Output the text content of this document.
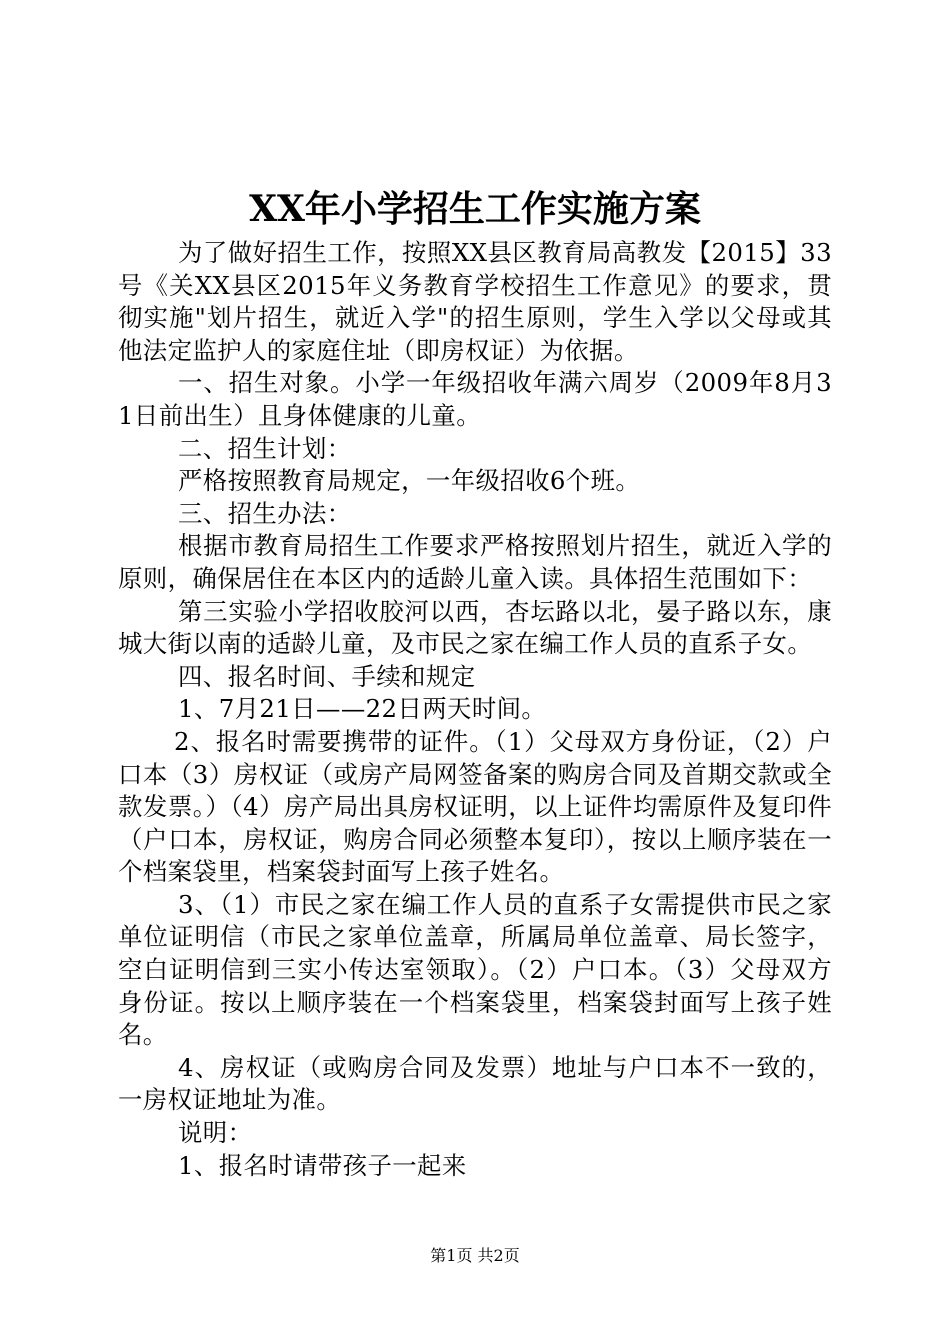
XX年小学招生工作实施方案

为了做好招生工作，按照XX县区教育局高教发【2015】33号《关XX县区2015年义务教育学校招生工作意见》的要求，贯彻实施"划片招生，就近入学"的招生原则，学生入学以父母或其他法定监护人的家庭住址（即房权证）为依据。

一、招生对象。小学一年级招收年满六周岁（2009年8月31日前出生）且身体健康的儿童。

二、招生计划：

严格按照教育局规定，一年级招收6个班。

三、招生办法：

根据市教育局招生工作要求严格按照划片招生，就近入学的原则，确保居住在本区内的适龄儿童入读。具体招生范围如下：

第三实验小学招收胶河以西，杏坛路以北，晏子路以东，康城大街以南的适龄儿童，及市民之家在编工作人员的直系子女。

四、报名时间、手续和规定

1、7月21日——22日两天时间。

2、报名时需要携带的证件。（1）父母双方身份证，（2）户口本（3）房权证（或房产局网签备案的购房合同及首期交款或全款发票。）（4）房产局出具房权证明，以上证件均需原件及复印件（户口本，房权证，购房合同必须整本复印），按以上顺序装在一个档案袋里，档案袋封面写上孩子姓名。

3、（1）市民之家在编工作人员的直系子女需提供市民之家单位证明信（市民之家单位盖章，所属局单位盖章、局长签字，空白证明信到三实小传达室领取）。（2）户口本。（3）父母双方身份证。按以上顺序装在一个档案袋里，档案袋封面写上孩子姓名。

4、房权证（或购房合同及发票）地址与户口本不一致的，一房权证地址为准。

说明：

1、报名时请带孩子一起来

第1页 共2页
